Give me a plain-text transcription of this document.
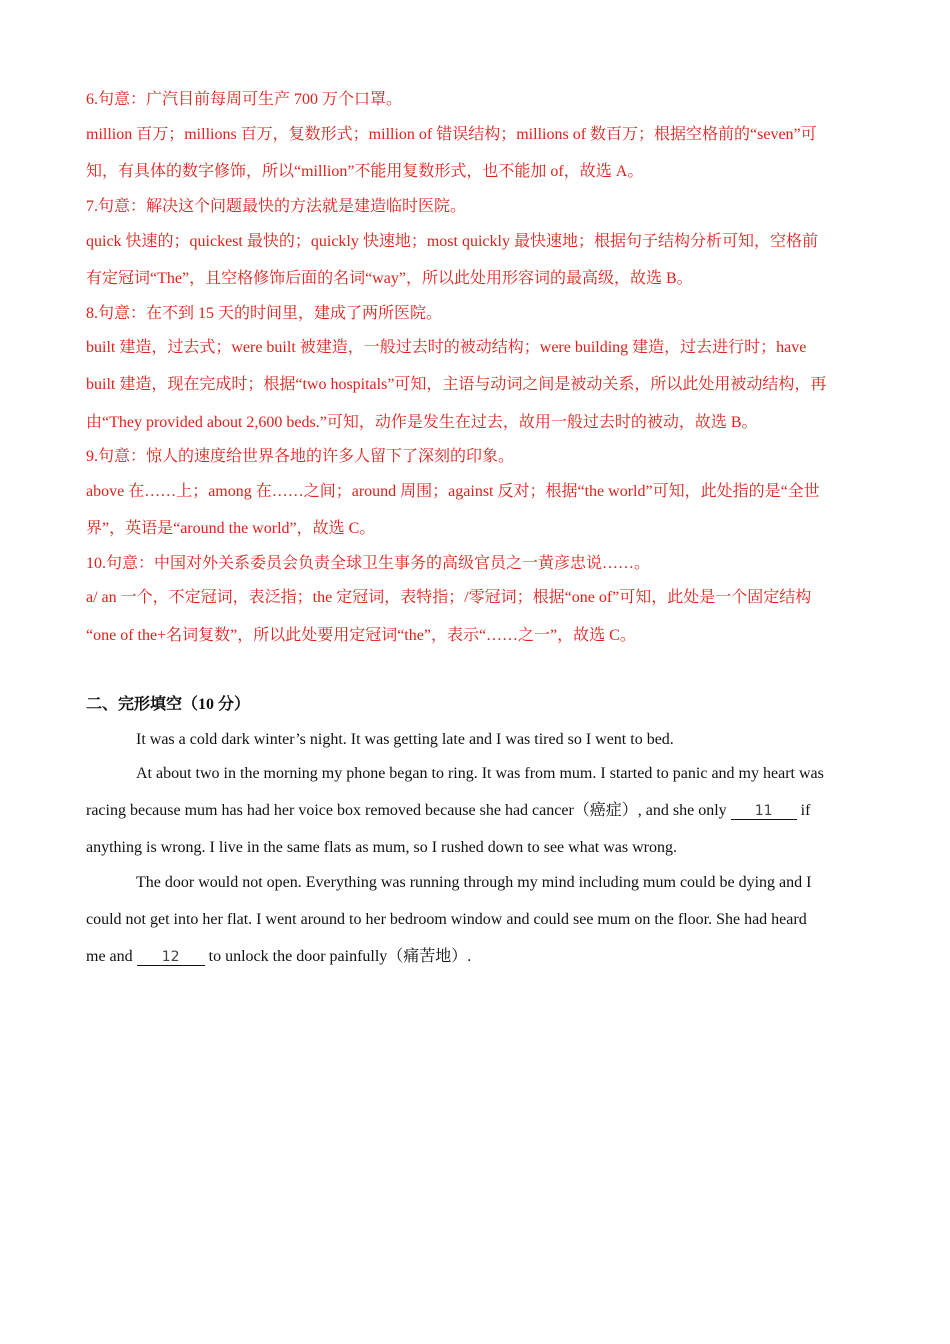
6.句意：广汽目前每周可生产 700 万个口罩。
million 百万；millions 百万，复数形式；million of 错误结构；millions of 数百万；根据空格前的“seven”可
知，有具体的数字修饰，所以“million”不能用复数形式，也不能加 of，故选 A。
7.句意：解决这个问题最快的方法就是建造临时医院。
quick 快速的；quickest 最快的；quickly 快速地；most quickly 最快速地；根据句子结构分析可知，空格前
有定冠词“The”，且空格修饰后面的名词“way”，所以此处用形容词的最高级，故选 B。
8.句意：在不到 15 天的时间里，建成了两所医院。
built 建造，过去式；were built 被建造，一般过去时的被动结构；were building 建造，过去进行时；have
built 建造，现在完成时；根据“two hospitals”可知，主语与动词之间是被动关系，所以此处用被动结构，再
由“They provided about 2,600 beds.”可知，动作是发生在过去，故用一般过去时的被动，故选 B。
9.句意：惊人的速度给世界各地的许多人留下了深刻的印象。
above 在……上；among 在……之间；around 周围；against 反对；根据“the world”可知，此处指的是“全世
界”，英语是“around the world”，故选 C。
10.句意：中国对外关系委员会负责全球卫生事务的高级官员之一黄彦忠说……。
a/ an 一个，不定冠词，表泛指；the 定冠词，表特指；/零冠词；根据“one of”可知，此处是一个固定结构
“one of the+名词复数”，所以此处要用定冠词“the”，表示“……之一”，故选 C。
二、完形填空（10 分）
It was a cold dark winter’s night. It was getting late and I was tired so I went to bed.
At about two in the morning my phone began to ring. It was from mum. I started to panic and my heart was
racing because mum has had her voice box removed because she had cancer（癌症）, and she only 11 if
anything is wrong. I live in the same flats as mum, so I rushed down to see what was wrong.
The door would not open. Everything was running through my mind including mum could be dying and I
could not get into her flat. I went around to her bedroom window and could see mum on the floor. She had heard
me and 12 to unlock the door painfully（痛苦地）.
